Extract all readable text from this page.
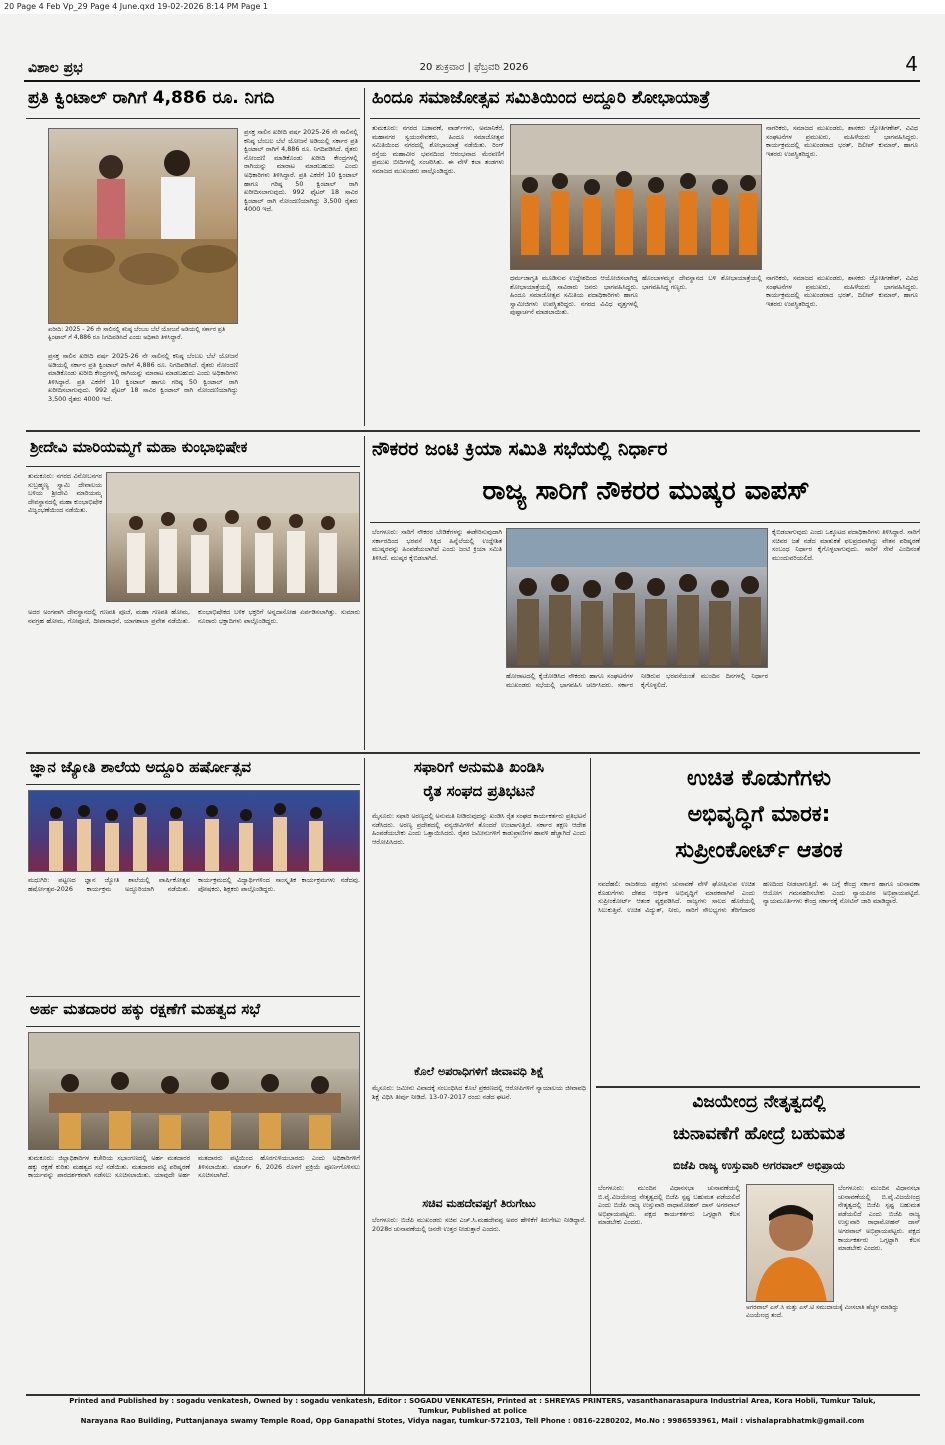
20 Page 4 Feb Vp_29 Page 4 June.qxd 19-02-2026 8:14 PM Page 1
ವಿಶಾಲ ಪ್ರಭ	20 ಶುಕ್ರವಾರ | ಫೆಬ್ರವರಿ 2026	4
ಪ್ರತಿ ಕ್ವಿಂಟಾಲ್ ರಾಗಿಗೆ 4,886 ರೂ. ನಿಗದಿ
ಖರೀದಿ: 2025 - 26 ನೇ ಸಾಲಿನಲ್ಲಿ ಕನಿಷ್ಠ ಬೆಂಬಲ ಬೆಲೆ ಯೋಜನೆ ಅಡಿಯಲ್ಲಿ ಸರ್ಕಾರ ಪ್ರತಿ ಕ್ವಿಂಟಾಲ್ ಗೆ 4,886 ರೂ ನಿಗದಿಪಡಿಸಿದೆ ಎಂದು ಅಧಿಕಾರಿ ತಿಳಿಸಿದ್ದಾರೆ.
ಪ್ರಸಕ್ತ ಸಾಲಿನ ಖರೀದಿ ವರ್ಷ 2025-26 ನೇ ಸಾಲಿನಲ್ಲಿ ಕನಿಷ್ಠ ಬೆಂಬಲ ಬೆಲೆ ಯೋಜನೆ ಅಡಿಯಲ್ಲಿ ಸರ್ಕಾರ ಪ್ರತಿ ಕ್ವಿಂಟಾಲ್ ರಾಗಿಗೆ 4,886 ರೂ. ನಿಗದಿಪಡಿಸಿದೆ. ರೈತರು ನೋಂದಣಿ ಮಾಡಿಕೊಂಡು ಖರೀದಿ ಕೇಂದ್ರಗಳಲ್ಲಿ ರಾಗಿಯನ್ನು ಮಾರಾಟ ಮಾಡಬಹುದು ಎಂದು ಅಧಿಕಾರಿಗಳು ತಿಳಿಸಿದ್ದಾರೆ. ಪ್ರತಿ ಎಕರೆಗೆ 10 ಕ್ವಿಂಟಾಲ್ ಹಾಗೂ ಗರಿಷ್ಠ 50 ಕ್ವಿಂಟಾಲ್ ರಾಗಿ ಖರೀದಿಸಲಾಗುವುದು. 992 ಫೈಟರ್ 18 ಸಾವಿರ ಕ್ವಿಂಟಾಲ್ ರಾಗಿ ನೋಂದಣಿಯಾಗಿದ್ದು 3,500 ರೈತರು 4000 ಇದೆ.
ಪ್ರಸಕ್ತ ಸಾಲಿನ ಖರೀದಿ ವರ್ಷ 2025-26 ನೇ ಸಾಲಿನಲ್ಲಿ ಕನಿಷ್ಠ ಬೆಂಬಲ ಬೆಲೆ ಯೋಜನೆ ಅಡಿಯಲ್ಲಿ ಸರ್ಕಾರ ಪ್ರತಿ ಕ್ವಿಂಟಾಲ್ ರಾಗಿಗೆ 4,886 ರೂ. ನಿಗದಿಪಡಿಸಿದೆ. ರೈತರು ನೋಂದಣಿ ಮಾಡಿಕೊಂಡು ಖರೀದಿ ಕೇಂದ್ರಗಳಲ್ಲಿ ರಾಗಿಯನ್ನು ಮಾರಾಟ ಮಾಡಬಹುದು ಎಂದು ಅಧಿಕಾರಿಗಳು ತಿಳಿಸಿದ್ದಾರೆ. ಪ್ರತಿ ಎಕರೆಗೆ 10 ಕ್ವಿಂಟಾಲ್ ಹಾಗೂ ಗರಿಷ್ಠ 50 ಕ್ವಿಂಟಾಲ್ ರಾಗಿ ಖರೀದಿಸಲಾಗುವುದು. 992 ಫೈಟರ್ 18 ಸಾವಿರ ಕ್ವಿಂಟಾಲ್ ರಾಗಿ ನೋಂದಣಿಯಾಗಿದ್ದು 3,500 ರೈತರು 4000 ಇದೆ.
ಹಿಂದೂ ಸಮಾಜೋತ್ಸವ ಸಮಿತಿಯಿಂದ ಅದ್ದೂರಿ ಶೋಭಾಯಾತ್ರೆ
ತುಮಕೂರು: ನಗರದ ಬಡಾವಣೆ, ವಾರ್ಡ್‌ಗಳು, ಅಮಾನಿಕೆರೆ, ಮಹಾನಗರ ಸ್ವಯಂಸೇವಕರು, ಹಿಂದೂ ಸಮಾಜೋತ್ಸವ ಸಮಿತಿಯಿಂದ ನಗರದಲ್ಲಿ ಶೋಭಾಯಾತ್ರೆ ನಡೆಯಿತು. ರಿಂಗ್ ರಸ್ತೆಯ ಮಹಾವೀರ ಭವನದಿಂದ ಆರಂಭವಾದ ಮೆರವಣಿಗೆ ಪ್ರಮುಖ ಬೀದಿಗಳಲ್ಲಿ ಸಂಚರಿಸಿತು. ಈ ವೇಳೆ ಕಲಾ ತಂಡಗಳು ಸಮಾಜದ ಮುಖಂಡರು ಪಾಲ್ಗೊಂಡಿದ್ದರು.
ನಾಗರಿಕರು, ಸಮಾಜದ ಮುಖಂಡರು, ಶಾಸಕರು ಜ್ಯೋತಿಗಣೇಶ್, ವಿವಿಧ ಸಂಘಟನೆಗಳ ಪ್ರಮುಖರು, ಮಹಿಳೆಯರು ಭಾಗವಹಿಸಿದ್ದರು. ಕಾರ್ಯಕ್ರಮದಲ್ಲಿ ಮುಖಂಡರಾದ ಭರತ್, ದಿಲೀಪ್ ಕುಮಾರ್, ಹಾಗೂ ಇತರರು ಉಪಸ್ಥಿತರಿದ್ದರು.
ಧರ್ಮಜಾಗೃತಿ ಮೂಡಿಸುವ ಉದ್ದೇಶದಿಂದ ಆಯೋಜಿಸಲಾಗಿದ್ದ ಶೋಭಾಯಾತ್ರೆಯಲ್ಲಿ ಸಾವಿರಾರು ಜನರು ಭಾಗವಹಿಸಿದ್ದರು. ಹಿಂದೂ ಸಮಾಜೋತ್ಸವ ಸಮಿತಿಯ ಪದಾಧಿಕಾರಿಗಳು ಹಾಗೂ ಸ್ವಾಮೀಜಿಗಳು ಉಪಸ್ಥಿತರಿದ್ದರು. ನಗರದ ವಿವಿಧ ವೃತ್ತಗಳಲ್ಲಿ ಪುಷ್ಪಾರ್ಚನೆ ಮಾಡಲಾಯಿತು.
ಹೊಂಬಾಳಮ್ಮನ ದೇವಸ್ಥಾನದ ಬಳಿ ಶೋಭಾಯಾತ್ರೆಯಲ್ಲಿ ಭಾಗವಹಿಸಿದ್ದ ಗಣ್ಯರು.
ನಾಗರಿಕರು, ಸಮಾಜದ ಮುಖಂಡರು, ಶಾಸಕರು ಜ್ಯೋತಿಗಣೇಶ್, ವಿವಿಧ ಸಂಘಟನೆಗಳ ಪ್ರಮುಖರು, ಮಹಿಳೆಯರು ಭಾಗವಹಿಸಿದ್ದರು. ಕಾರ್ಯಕ್ರಮದಲ್ಲಿ ಮುಖಂಡರಾದ ಭರತ್, ದಿಲೀಪ್ ಕುಮಾರ್, ಹಾಗೂ ಇತರರು ಉಪಸ್ಥಿತರಿದ್ದರು.
ಶ್ರೀದೇವಿ ಮಾರಿಯಮ್ಮಗೆ ಮಹಾ ಕುಂಭಾಭಿಷೇಕ
ತುಮಕೂರು: ನಗರದ ವಿನೋಬನಗರ ಸುಬ್ರಹ್ಮಣ್ಯ ಸ್ವಾಮಿ ದೇವಾಲಯ ಬಳಿಯ ಶ್ರೀದೇವಿ ಮಾರಿಯಮ್ಮ ದೇವಸ್ಥಾನದಲ್ಲಿ ಮಹಾ ಕುಂಭಾಭಿಷೇಕ ವಿಜೃಂಭಣೆಯಿಂದ ನಡೆಯಿತು.
ಅದರ ಅಂಗವಾಗಿ ದೇವಸ್ಥಾನದಲ್ಲಿ ಗಣಪತಿ ಪೂಜೆ, ಮಹಾ ಗಣಪತಿ ಹೋಮ, ನವಗ್ರಹ ಹೋಮ, ಗೋಪೂಜೆ, ದೀಪಾರಾಧನೆ, ಯಾಗಶಾಲಾ ಪ್ರವೇಶ ನಡೆಯಿತು. ಕುಂಭಾಭಿಷೇಕದ ಬಳಿಕ ಭಕ್ತರಿಗೆ ಅನ್ನದಾಸೋಹ ಏರ್ಪಡಿಸಲಾಗಿತ್ತು. ಸುಮಾರು ನೂರಾರು ಭಕ್ತಾದಿಗಳು ಪಾಲ್ಗೊಂಡಿದ್ದರು.
ನೌಕರರ ಜಂಟಿ ಕ್ರಿಯಾ ಸಮಿತಿ ಸಭೆಯಲ್ಲಿ ನಿರ್ಧಾರ
ರಾಜ್ಯ ಸಾರಿಗೆ ನೌಕರರ ಮುಷ್ಕರ ವಾಪಸ್
ಬೆಂಗಳೂರು: ಸಾರಿಗೆ ನೌಕರರ ಬೇಡಿಕೆಗಳನ್ನು ಈಡೇರಿಸುವುದಾಗಿ ಸರ್ಕಾರದಿಂದ ಭರವಸೆ ಸಿಕ್ಕಿದ ಹಿನ್ನೆಲೆಯಲ್ಲಿ ಉದ್ದೇಶಿತ ಮುಷ್ಕರವನ್ನು ಹಿಂಪಡೆಯಲಾಗಿದೆ ಎಂದು ಜಂಟಿ ಕ್ರಿಯಾ ಸಮಿತಿ ತಿಳಿಸಿದೆ. ಮುಷ್ಕರ ಕೈಬಿಡಲಾಗಿದೆ.
ಕೈಬಿಡಲಾಗುವುದು ಎಂದು ಒಕ್ಕೂಟದ ಪದಾಧಿಕಾರಿಗಳು ತಿಳಿಸಿದ್ದಾರೆ. ಸಾರಿಗೆ ಸಚಿವರ ಜತೆ ನಡೆದ ಮಾತುಕತೆ ಫಲಪ್ರದವಾಗಿದ್ದು ವೇತನ ಪರಿಷ್ಕರಣೆ ಸಂಬಂಧ ನಿರ್ಧಾರ ಕೈಗೊಳ್ಳಲಾಗುವುದು. ಸಾರಿಗೆ ಸೇವೆ ಎಂದಿನಂತೆ ಮುಂದುವರಿಯಲಿದೆ.
ಹೋರಾಟದಲ್ಲಿ ಕೈಜೋಡಿಸಿದ ನೌಕರರು ಹಾಗೂ ಸಂಘಟನೆಗಳ ಮುಖಂಡರು ಸಭೆಯಲ್ಲಿ ಭಾಗವಹಿಸಿ ಚರ್ಚಿಸಿದರು. ಸರ್ಕಾರ ನೀಡಿರುವ ಭರವಸೆಯಂತೆ ಮುಂದಿನ ದಿನಗಳಲ್ಲಿ ನಿರ್ಧಾರ ಕೈಗೊಳ್ಳಲಿದೆ.
ಜ್ಞಾನ ಜ್ಯೋತಿ ಶಾಲೆಯ ಅದ್ದೂರಿ ಹರ್ಷೋತ್ಸವ
ಮಧುಗಿರಿ: ಪಟ್ಟಣದ ಜ್ಞಾನ ಜ್ಯೋತಿ ಶಾಲೆಯಲ್ಲಿ ವಾರ್ಷಿಕೋತ್ಸವ ಹರ್ಷೋತ್ಸವ-2026 ಕಾರ್ಯಕ್ರಮ ಅದ್ದೂರಿಯಾಗಿ ನಡೆಯಿತು. ಕಾರ್ಯಕ್ರಮದಲ್ಲಿ ವಿದ್ಯಾರ್ಥಿಗಳಿಂದ ಸಾಂಸ್ಕೃತಿಕ ಕಾರ್ಯಕ್ರಮಗಳು ನಡೆದವು. ಪೋಷಕರು, ಶಿಕ್ಷಕರು ಪಾಲ್ಗೊಂಡಿದ್ದರು.
ಸಫಾರಿಗೆ ಅನುಮತಿ ಖಂಡಿಸಿ
ರೈತ ಸಂಘದ ಪ್ರತಿಭಟನೆ
ಮೈಸೂರು: ಸಫಾರಿ ಅರಣ್ಯದಲ್ಲಿ ಅನುಮತಿ ನೀಡಿರುವುದನ್ನು ಖಂಡಿಸಿ ರೈತ ಸಂಘದ ಕಾರ್ಯಕರ್ತರು ಪ್ರತಿಭಟನೆ ನಡೆಸಿದರು. ಅರಣ್ಯ ಪ್ರದೇಶದಲ್ಲಿ ವನ್ಯಜೀವಿಗಳಿಗೆ ತೊಂದರೆ ಉಂಟಾಗುತ್ತಿದೆ. ಸರ್ಕಾರ ತಕ್ಷಣ ಆದೇಶ ಹಿಂಪಡೆಯಬೇಕು ಎಂದು ಒತ್ತಾಯಿಸಿದರು. ರೈತರ ಜಮೀನುಗಳಿಗೆ ಕಾಡುಪ್ರಾಣಿಗಳ ಹಾವಳಿ ಹೆಚ್ಚಾಗಿದೆ ಎಂದು ಆರೋಪಿಸಿದರು.
ಕೊಲೆ ಅಪರಾಧಿಗಳಿಗೆ ಜೀವಾವಧಿ ಶಿಕ್ಷೆ
ಮೈಸೂರು: ಜಮೀನು ವಿವಾದಕ್ಕೆ ಸಂಬಂಧಿಸಿದ ಕೊಲೆ ಪ್ರಕರಣದಲ್ಲಿ ಆರೋಪಿಗಳಿಗೆ ನ್ಯಾಯಾಲಯ ಜೀವಾವಧಿ ಶಿಕ್ಷೆ ವಿಧಿಸಿ ತೀರ್ಪು ನೀಡಿದೆ. 13-07-2017 ರಂದು ನಡೆದ ಘಟನೆ.
ಸಚಿವ ಮಹದೇವಪ್ಪಗೆ ತಿರುಗೇಟು
ಬೆಂಗಳೂರು: ಬಿಜೆಪಿ ಮುಖಂಡರು ಸಚಿವ ಎಚ್.ಸಿ.ಮಹದೇವಪ್ಪ ಅವರ ಹೇಳಿಕೆಗೆ ತಿರುಗೇಟು ನೀಡಿದ್ದಾರೆ. 2028ರ ಚುನಾವಣೆಯಲ್ಲಿ ಜನರೇ ಉತ್ತರ ನೀಡುತ್ತಾರೆ ಎಂದರು.
ಉಚಿತ ಕೊಡುಗೆಗಳು
ಅಭಿವೃದ್ಧಿಗೆ ಮಾರಕ:
ಸುಪ್ರೀಂಕೋರ್ಟ್ ಆತಂಕ
ನವದೆಹಲಿ: ರಾಜಕೀಯ ಪಕ್ಷಗಳು ಚುನಾವಣೆ ವೇಳೆ ಘೋಷಿಸುವ ಉಚಿತ ಕೊಡುಗೆಗಳು ದೇಶದ ಆರ್ಥಿಕ ಅಭಿವೃದ್ಧಿಗೆ ಮಾರಕವಾಗಿವೆ ಎಂದು ಸುಪ್ರೀಂಕೋರ್ಟ್ ಆತಂಕ ವ್ಯಕ್ತಪಡಿಸಿದೆ. ರಾಜ್ಯಗಳು ಸಾಲದ ಹೊರೆಯಲ್ಲಿ ಸಿಲುಕುತ್ತಿವೆ. ಉಚಿತ ವಿದ್ಯುತ್, ನೀರು, ಸಾರಿಗೆ ಸೌಲಭ್ಯಗಳು ತೆರಿಗೆದಾರರ ಹಣದಿಂದ ನೀಡಲಾಗುತ್ತಿದೆ. ಈ ಬಗ್ಗೆ ಕೇಂದ್ರ ಸರ್ಕಾರ ಹಾಗೂ ಚುನಾವಣಾ ಆಯೋಗ ಗಮನಹರಿಸಬೇಕು ಎಂದು ನ್ಯಾಯಪೀಠ ಅಭಿಪ್ರಾಯಪಟ್ಟಿದೆ. ನ್ಯಾಯಮೂರ್ತಿಗಳು ಕೇಂದ್ರ ಸರ್ಕಾರಕ್ಕೆ ನೋಟಿಸ್ ಜಾರಿ ಮಾಡಿದ್ದಾರೆ.
ವಿಜಯೇಂದ್ರ ನೇತೃತ್ವದಲ್ಲಿ
ಚುನಾವಣೆಗೆ ಹೋದ್ರೆ ಬಹುಮತ
ಬಿಜೆಪಿ ರಾಜ್ಯ ಉಸ್ತುವಾರಿ ಅಗರವಾಲ್ ಅಭಿಪ್ರಾಯ
ಬೆಂಗಳೂರು: ಮುಂದಿನ ವಿಧಾನಸಭಾ ಚುನಾವಣೆಯಲ್ಲಿ ಬಿ.ವೈ.ವಿಜಯೇಂದ್ರ ನೇತೃತ್ವದಲ್ಲಿ ಬಿಜೆಪಿ ಸ್ಪಷ್ಟ ಬಹುಮತ ಪಡೆಯಲಿದೆ ಎಂದು ಬಿಜೆಪಿ ರಾಜ್ಯ ಉಸ್ತುವಾರಿ ರಾಧಾಮೋಹನ್ ದಾಸ್ ಅಗರವಾಲ್ ಅಭಿಪ್ರಾಯಪಟ್ಟರು. ಪಕ್ಷದ ಕಾರ್ಯಕರ್ತರು ಒಗ್ಗಟ್ಟಾಗಿ ಕೆಲಸ ಮಾಡಬೇಕು ಎಂದರು.
ಬೆಂಗಳೂರು: ಮುಂದಿನ ವಿಧಾನಸಭಾ ಚುನಾವಣೆಯಲ್ಲಿ ಬಿ.ವೈ.ವಿಜಯೇಂದ್ರ ನೇತೃತ್ವದಲ್ಲಿ ಬಿಜೆಪಿ ಸ್ಪಷ್ಟ ಬಹುಮತ ಪಡೆಯಲಿದೆ ಎಂದು ಬಿಜೆಪಿ ರಾಜ್ಯ ಉಸ್ತುವಾರಿ ರಾಧಾಮೋಹನ್ ದಾಸ್ ಅಗರವಾಲ್ ಅಭಿಪ್ರಾಯಪಟ್ಟರು. ಪಕ್ಷದ ಕಾರ್ಯಕರ್ತರು ಒಗ್ಗಟ್ಟಾಗಿ ಕೆಲಸ ಮಾಡಬೇಕು ಎಂದರು.
ಅಗರವಾಲ್ ಎಸ್.ಸಿ ಮತ್ತು ಎಸ್.ಟಿ ಸಮುದಾಯಕ್ಕೆ ಮೀಸಲಾತಿ ಹೆಚ್ಚಳ ಮಾಡಿದ್ದು ವಿಜಯೇಂದ್ರ ತಂದೆ.
ಅರ್ಹ ಮತದಾರರ ಹಕ್ಕು ರಕ್ಷಣೆಗೆ ಮಹತ್ವದ ಸಭೆ
ತುಮಕೂರು: ಜಿಲ್ಲಾಧಿಕಾರಿಗಳ ಕಚೇರಿಯ ಸಭಾಂಗಣದಲ್ಲಿ ಅರ್ಹ ಮತದಾರರ ಹಕ್ಕು ರಕ್ಷಣೆ ಕುರಿತು ಮಹತ್ವದ ಸಭೆ ನಡೆಯಿತು. ಮತದಾರರ ಪಟ್ಟಿ ಪರಿಷ್ಕರಣೆ ಕಾರ್ಯವನ್ನು ಪಾರದರ್ಶಕವಾಗಿ ನಡೆಸಲು ಸೂಚಿಸಲಾಯಿತು. ಯಾವುದೇ ಅರ್ಹ ಮತದಾರರು ಪಟ್ಟಿಯಿಂದ ಹೊರಗುಳಿಯಬಾರದು ಎಂದು ಅಧಿಕಾರಿಗಳಿಗೆ ತಿಳಿಸಲಾಯಿತು. ಮಾರ್ಚ್ 6, 2026 ರೊಳಗೆ ಪ್ರಕ್ರಿಯೆ ಪೂರ್ಣಗೊಳಿಸಲು ಸೂಚಿಸಲಾಗಿದೆ.
Printed and Published by : sogadu venkatesh, Owned by : sogadu venkatesh, Editor : SOGADU VENKATESH, Printed at : SHREYAS PRINTERS, vasanthanarasapura Industrial Area, Kora Hobli, Tumkur Taluk, Tumkur, Published at police
Narayana Rao Building, Puttanjanaya swamy Temple Road, Opp Ganapathi Stotes, Vidya nagar, tumkur-572103, Tell Phone : 0816-2280202, Mo.No : 9986593961, Mail : vishalaprabhatmk@gmail.com
